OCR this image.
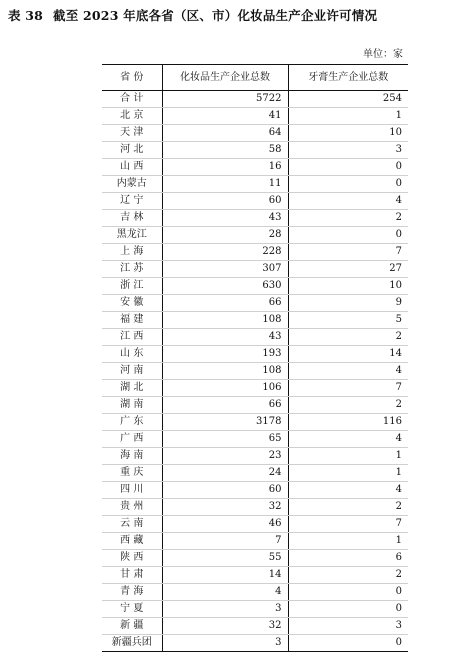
表 38 截至 2023 年底各省（区、市）化妆品生产企业许可情况
单位：家
省 份	化妆品生产企业总数	牙膏生产企业总数
合 计	5722	254
北 京	41	1
天 津	64	10
河 北	58	3
山 西	16	0
内蒙古	11	0
辽 宁	60	4
吉 林	43	2
黑龙江	28	0
上 海	228	7
江 苏	307	27
浙 江	630	10
安 徽	66	9
福 建	108	5
江 西	43	2
山 东	193	14
河 南	108	4
湖 北	106	7
湖 南	66	2
广 东	3178	116
广 西	65	4
海 南	23	1
重 庆	24	1
四 川	60	4
贵 州	32	2
云 南	46	7
西 藏	7	1
陕 西	55	6
甘 肃	14	2
青 海	4	0
宁 夏	3	0
新 疆	32	3
新疆兵团	3	0
